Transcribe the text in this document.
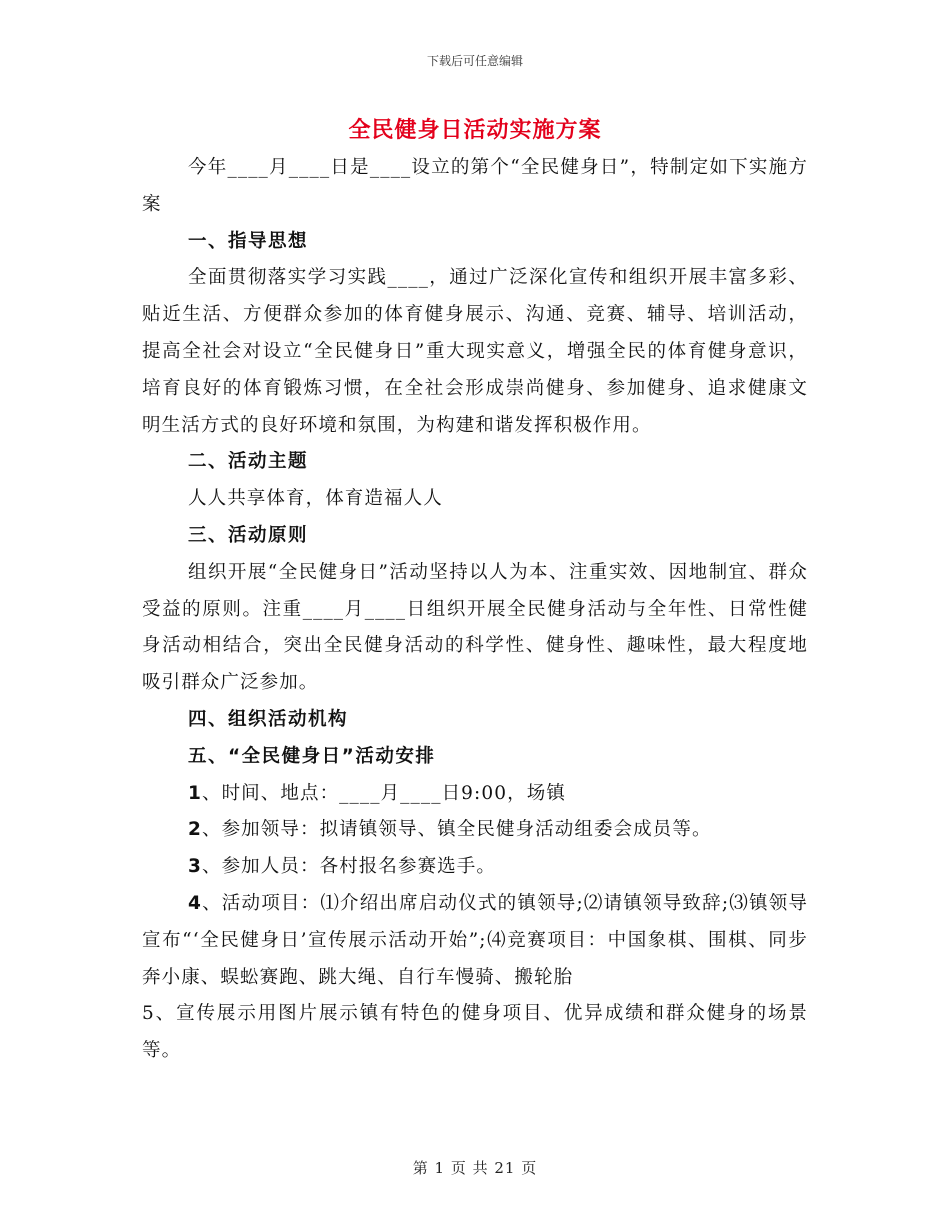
下载后可任意编辑
全民健身日活动实施方案

今年____月____日是____设立的第个“全民健身日”，特制定如下实施方案

一、指导思想

全面贯彻落实学习实践____，通过广泛深化宣传和组织开展丰富多彩、贴近生活、方便群众参加的体育健身展示、沟通、竞赛、辅导、培训活动，提高全社会对设立“全民健身日”重大现实意义，增强全民的体育健身意识，培育良好的体育锻炼习惯，在全社会形成崇尚健身、参加健身、追求健康文明生活方式的良好环境和氛围，为构建和谐发挥积极作用。

二、活动主题

人人共享体育，体育造福人人

三、活动原则

组织开展“全民健身日”活动坚持以人为本、注重实效、因地制宜、群众受益的原则。注重____月____日组织开展全民健身活动与全年性、日常性健身活动相结合，突出全民健身活动的科学性、健身性、趣味性，最大程度地吸引群众广泛参加。

四、组织活动机构

五、“全民健身日”活动安排

1、时间、地点：____月____日9:00，场镇

2、参加领导：拟请镇领导、镇全民健身活动组委会成员等。

3、参加人员：各村报名参赛选手。

4、活动项目：⑴介绍出席启动仪式的镇领导;⑵请镇领导致辞;⑶镇领导宣布“‘全民健身日’宣传展示活动开始”;⑷竞赛项目：中国象棋、围棋、同步奔小康、蜈蚣赛跑、跳大绳、自行车慢骑、搬轮胎

5、宣传展示用图片展示镇有特色的健身项目、优异成绩和群众健身的场景等。

第 1 页 共 21 页
